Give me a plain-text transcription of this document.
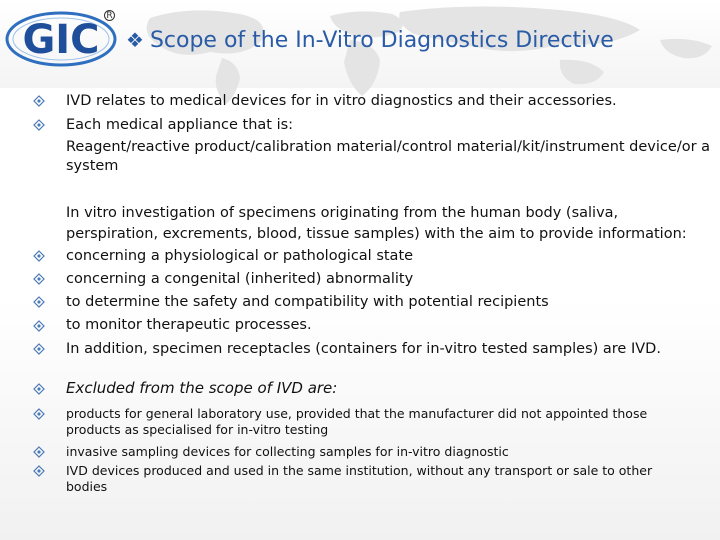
GIC
R
❖ Scope of the In-Vitro Diagnostics Directive
IVD relates to medical devices for in vitro diagnostics and their accessories.
Each medical appliance that is:
Reagent/reactive product/calibration material/control material/kit/instrument device/or a system
In vitro investigation of specimens originating from the human body (saliva,
perspiration, excrements, blood, tissue samples) with the aim to provide information:
concerning a physiological or pathological state
concerning a congenital (inherited) abnormality
to determine the safety and compatibility with potential recipients
to monitor therapeutic processes.
In addition, specimen receptacles (containers for in-vitro tested samples) are IVD.
Excluded from the scope of IVD are:
products for general laboratory use, provided that the manufacturer did not appointed those products as specialised for in-vitro testing
invasive sampling devices for collecting samples for in-vitro diagnostic
IVD devices produced and used in the same institution, without any transport or sale to other bodies
